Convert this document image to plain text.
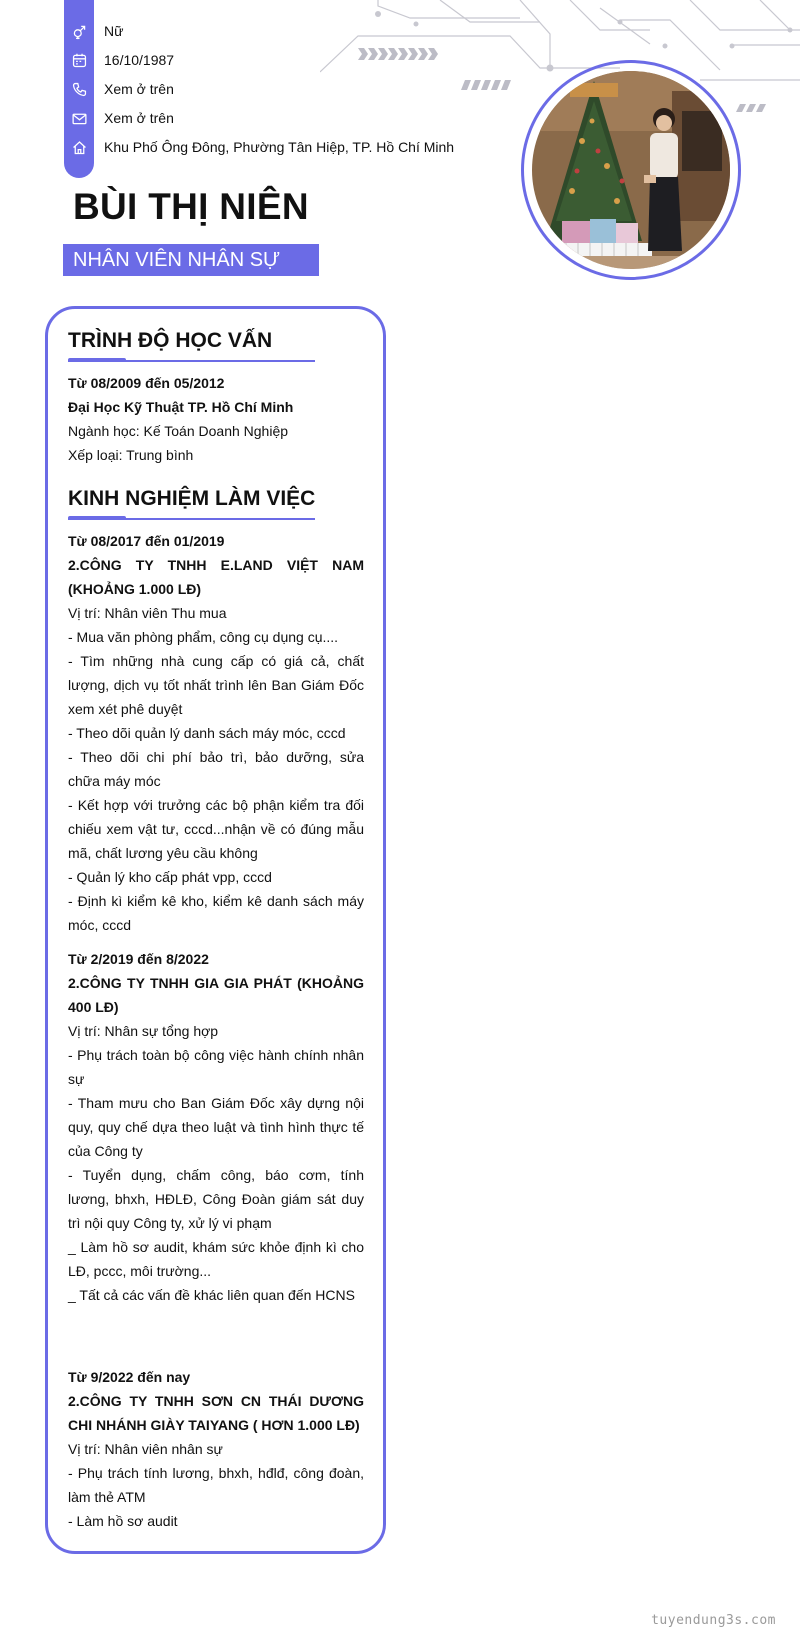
Nữ
16/10/1987
Xem ở trên
Xem ở trên
Khu Phố Ông Đông, Phường Tân Hiệp, TP. Hồ Chí Minh
BÙI THỊ NIÊN
NHÂN VIÊN NHÂN SỰ
TRÌNH ĐỘ HỌC VẤN

Từ 08/2009 đến 05/2012

Đại Học Kỹ Thuật TP. Hồ Chí Minh

Ngành học: Kế Toán Doanh Nghiệp

Xếp loại: Trung bình

KINH NGHIỆM LÀM VIỆC

Từ 08/2017 đến 01/2019

2.CÔNG TY TNHH E.LAND VIỆT NAM (KHOẢNG 1.000 LĐ)

Vị trí: Nhân viên Thu mua

- Mua văn phòng phẩm, công cụ dụng cụ....

- Tìm những nhà cung cấp có giá cả, chất lượng, dịch vụ tốt nhất trình lên Ban Giám Đốc xem xét phê duyệt

- Theo dõi quản lý danh sách máy móc, cccd

- Theo dõi chi phí bảo trì, bảo dưỡng, sửa chữa máy móc

- Kết hợp với trưởng các bộ phận kiểm tra đối chiếu xem vật tư, cccd...nhận về có đúng mẫu mã, chất lương yêu cầu không

- Quản lý kho cấp phát vpp, cccd

- Định kì kiểm kê kho, kiểm kê danh sách máy móc, cccd

Từ 2/2019 đến 8/2022

2.CÔNG TY TNHH GIA GIA PHÁT (KHOẢNG 400 LĐ)

Vị trí: Nhân sự tổng hợp

- Phụ trách toàn bộ công việc hành chính nhân sự

- Tham mưu cho Ban Giám Đốc xây dựng nội quy, quy chế dựa theo luật và tình hình thực tế của Công ty

- Tuyển dụng, chấm công, báo cơm, tính lương, bhxh, HĐLĐ, Công Đoàn giám sát duy trì nội quy Công ty, xử lý vi phạm

_ Làm hồ sơ audit, khám sức khỏe định kì cho LĐ, pccc, môi trường...

_ Tất cả các vấn đề khác liên quan đến HCNS

Từ 9/2022 đến nay

2.CÔNG TY TNHH SƠN CN THÁI DƯƠNG CHI NHÁNH GIÀY TAIYANG ( HƠN 1.000 LĐ)

Vị trí: Nhân viên nhân sự

- Phụ trách tính lương, bhxh, hđlđ, công đoàn, làm thẻ ATM

- Làm hồ sơ audit

tuyendung3s.com
